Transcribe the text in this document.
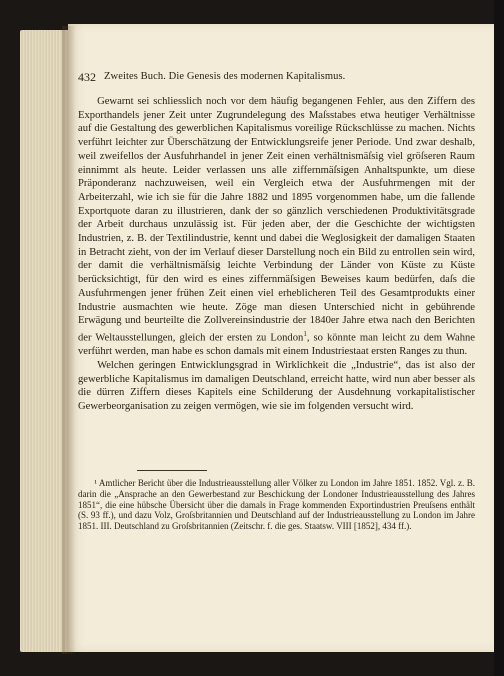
432 Zweites Buch. Die Genesis des modernen Kapitalismus.

Gewarnt sei schliesslich noch vor dem häufig begangenen Fehler, aus den Ziffern des Exporthandels jener Zeit unter Zugrundelegung des Maſsstabes etwa heutiger Verhältnisse auf die Gestaltung des gewerblichen Kapitalismus voreilige Rückschlüsse zu machen. Nichts verführt leichter zur Überschätzung der Entwicklungsreife jener Periode. Und zwar deshalb, weil zweifellos der Ausfuhrhandel in jener Zeit einen verhältnismäſsig viel gröſseren Raum einnimmt als heute. Leider verlassen uns alle ziffernmäſsigen Anhaltspunkte, um diese Präponderanz nachzuweisen, weil ein Vergleich etwa der Ausfuhrmengen mit der Arbeiterzahl, wie ich sie für die Jahre 1882 und 1895 vorgenommen habe, um die fallende Exportquote daran zu illustrieren, dank der so gänzlich verschiedenen Produktivitätsgrade der Arbeit durchaus unzulässig ist. Für jeden aber, der die Geschichte der wichtigsten Industrien, z. B. der Textilindustrie, kennt und dabei die Weglosigkeit der damaligen Staaten in Betracht zieht, von der im Verlauf dieser Darstellung noch ein Bild zu entrollen sein wird, der damit die verhältnismäſsig leichte Verbindung der Länder von Küste zu Küste berücksichtigt, für den wird es eines ziffernmäſsigen Beweises kaum bedürfen, daſs die Ausfuhrmengen jener frühen Zeit einen viel erheblicheren Teil des Gesamtprodukts einer Industrie ausmachten wie heute. Zöge man diesen Unterschied nicht in gebührende Erwägung und beurteilte die Zollvereinsindustrie der 1840er Jahre etwa nach den Berichten der Weltausstellungen, gleich der ersten zu London$^1$, so könnte man leicht zu dem Wahne verführt werden, man habe es schon damals mit einem Industriestaat ersten Ranges zu thun.

Welchen geringen Entwicklungsgrad in Wirklichkeit die „Industrie“, das ist also der gewerbliche Kapitalismus im damaligen Deutschland, erreicht hatte, wird nun aber besser als die dürren Ziffern dieses Kapitels eine Schilderung der Ausdehnung vorkapitalistischer Gewerbeorganisation zu zeigen vermögen, wie sie im folgenden versucht wird.

¹ Amtlicher Bericht über die Industrieausstellung aller Völker zu London im Jahre 1851. 1852. Vgl. z. B. darin die „Ansprache an den Gewerbestand zur Beschickung der Londoner Industrieausstellung des Jahres 1851“, die eine hübsche Übersicht über die damals in Frage kommenden Exportindustrien Preuſsens enthält (S. 93 ff.), und dazu Volz, Groſsbritannien und Deutschland auf der Industrieausstellung zu London im Jahre 1851. III. Deutschland zu Groſsbritannien (Zeitschr. f. die ges. Staatsw. VIII [1852], 434 ff.).
